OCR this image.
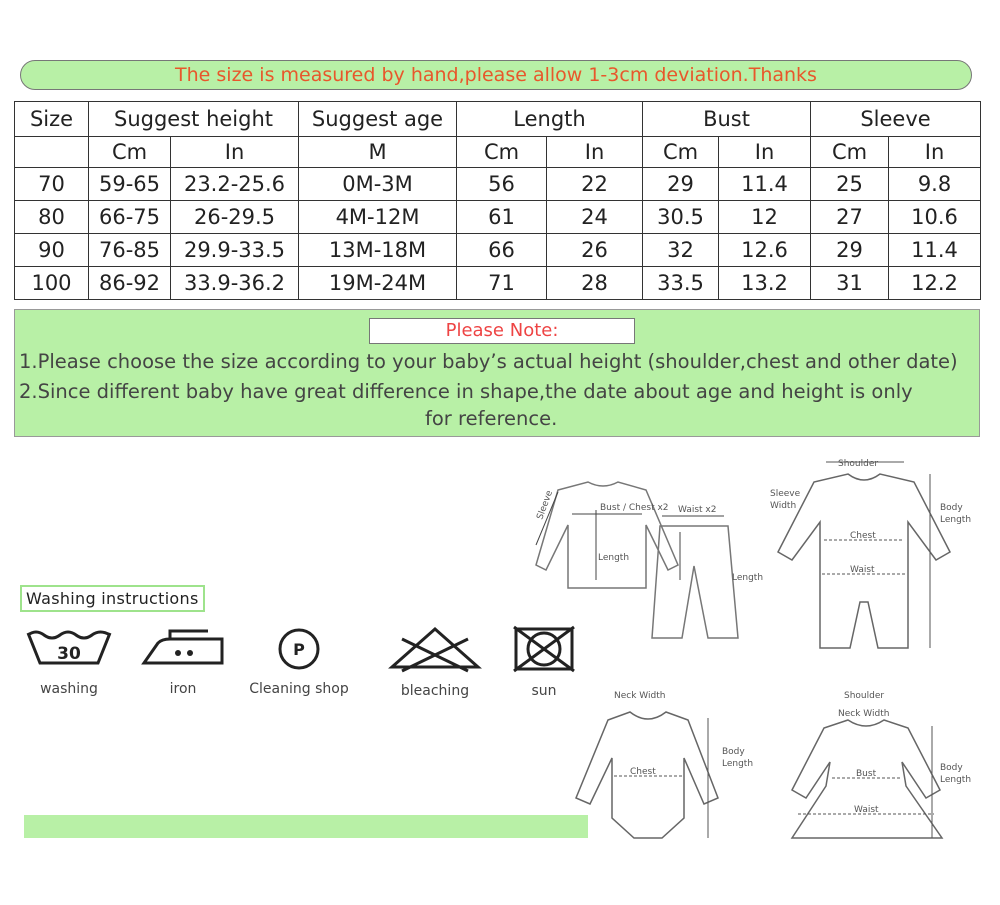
The size is measured by hand,please allow 1-3cm deviation.Thanks
Size	Suggest height		Suggest age	Length		Bust		Sleeve	
	Cm	In	M	Cm	In	Cm	In	Cm	In
70	59-65	23.2-25.6	0M-3M	56	22	29	11.4	25	9.8
80	66-75	26-29.5	4M-12M	61	24	30.5	12	27	10.6
90	76-85	29.9-33.5	13M-18M	66	26	32	12.6	29	11.4
100	86-92	33.9-36.2	19M-24M	71	28	33.5	13.2	31	12.2
Please Note:
1.Please choose the size according to your baby’s actual height (shoulder,chest and other date)
2.Since different baby have great difference in shape,the date about age and height is only
for reference.
Washing instructions
30
washing	iron
P
Cleaning shop	bleaching	sun
Sleeve	Bust / Chest x2 Waist x2
Length
Length
Shoulder
Chest
Waist
Sleeve
Width	Body
Length
Neck Width
Chest
Body
Length
Shoulder
Neck Width
Bust
Waist
Body
Length
